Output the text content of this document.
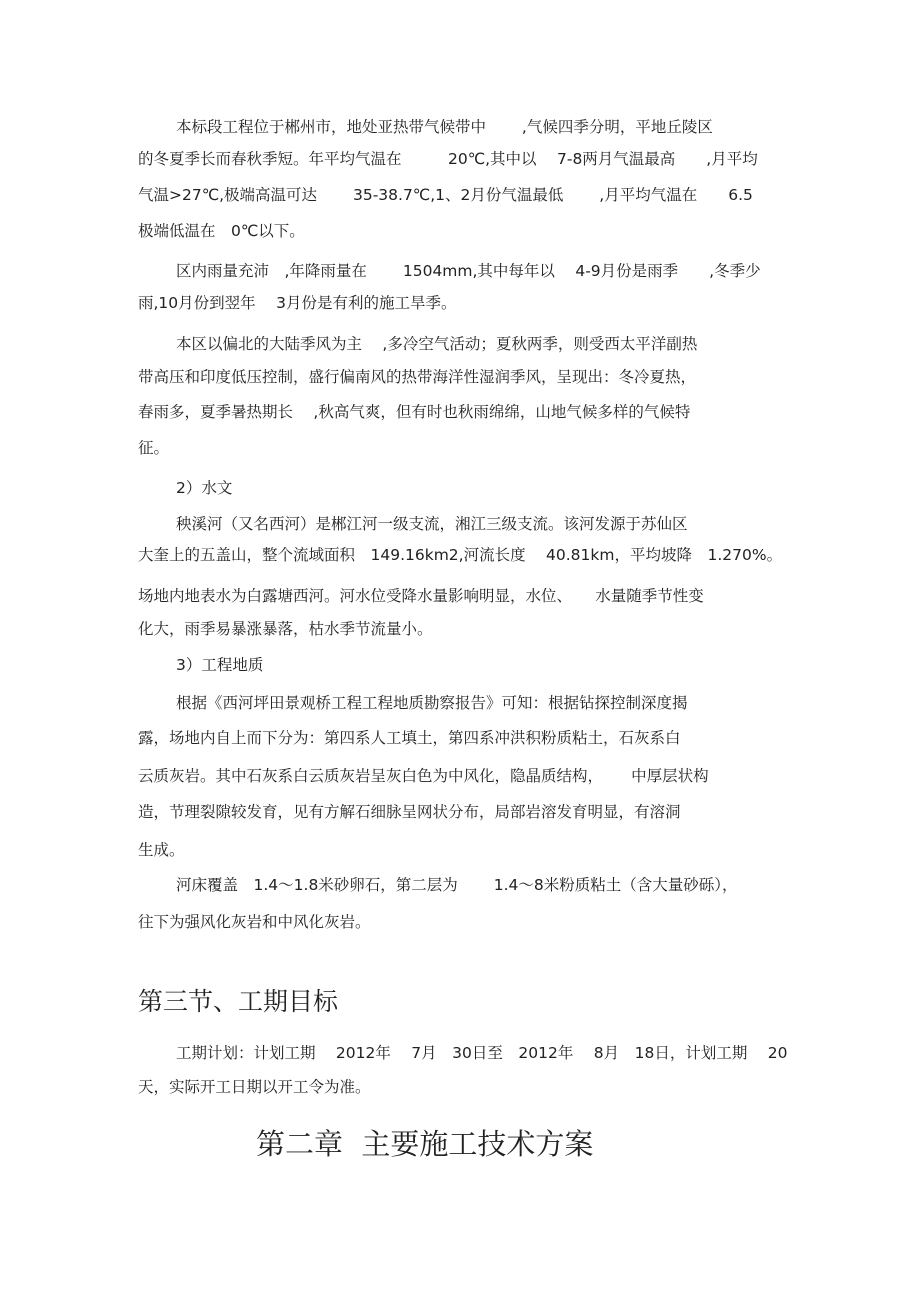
本标段工程位于郴州市，地处亚热带气候带中　　 ,气候四季分明，平地丘陵区
的冬夏季长而春秋季短。年平均气温在　　　20℃,其中以　 7-8两月气温最高　　,月平均
气温>27℃,极端高温可达　　 35-38.7℃,1、2月份气温最低　　 ,月平均气温在　　6.5
极端低温在　0℃以下。
区内雨量充沛　,年降雨量在　　 1504mm,其中每年以　 4-9月份是雨季　　,冬季少
雨,10月份到翌年　 3月份是有利的施工旱季。
本区以偏北的大陆季风为主　 ,多冷空气活动；夏秋两季，则受西太平洋副热
带高压和印度低压控制，盛行偏南风的热带海洋性湿润季风，呈现出：冬冷夏热，
春雨多，夏季暑热期长　 ,秋高气爽，但有时也秋雨绵绵，山地气候多样的气候特
征。
2）水文
秧溪河（又名西河）是郴江河一级支流，湘江三级支流。该河发源于苏仙区
大奎上的五盖山，整个流域面积　149.16km2,河流长度　 40.81km，平均坡降　1.270%。
场地内地表水为白露塘西河。河水位受降水量影响明显，水位、　　水量随季节性变
化大，雨季易暴涨暴落，枯水季节流量小。
3）工程地质
根据《西河坪田景观桥工程工程地质勘察报告》可知：根据钻探控制深度揭
露，场地内自上而下分为：第四系人工填土，第四系冲洪积粉质粘土，石灰系白
云质灰岩。其中石灰系白云质灰岩呈灰白色为中风化，隐晶质结构，　　 中厚层状构
造，节理裂隙较发育，见有方解石细脉呈网状分布，局部岩溶发育明显，有溶洞
生成。
河床覆盖　1.4～1.8米砂卵石，第二层为　　 1.4～8米粉质粘土（含大量砂砾），
往下为强风化灰岩和中风化灰岩。
第三节、工期目标
工期计划：计划工期　 2012年　 7月　30日至　2012年　 8月　18日，计划工期　 20
天，实际开工日期以开工令为准。
第二章  主要施工技术方案
